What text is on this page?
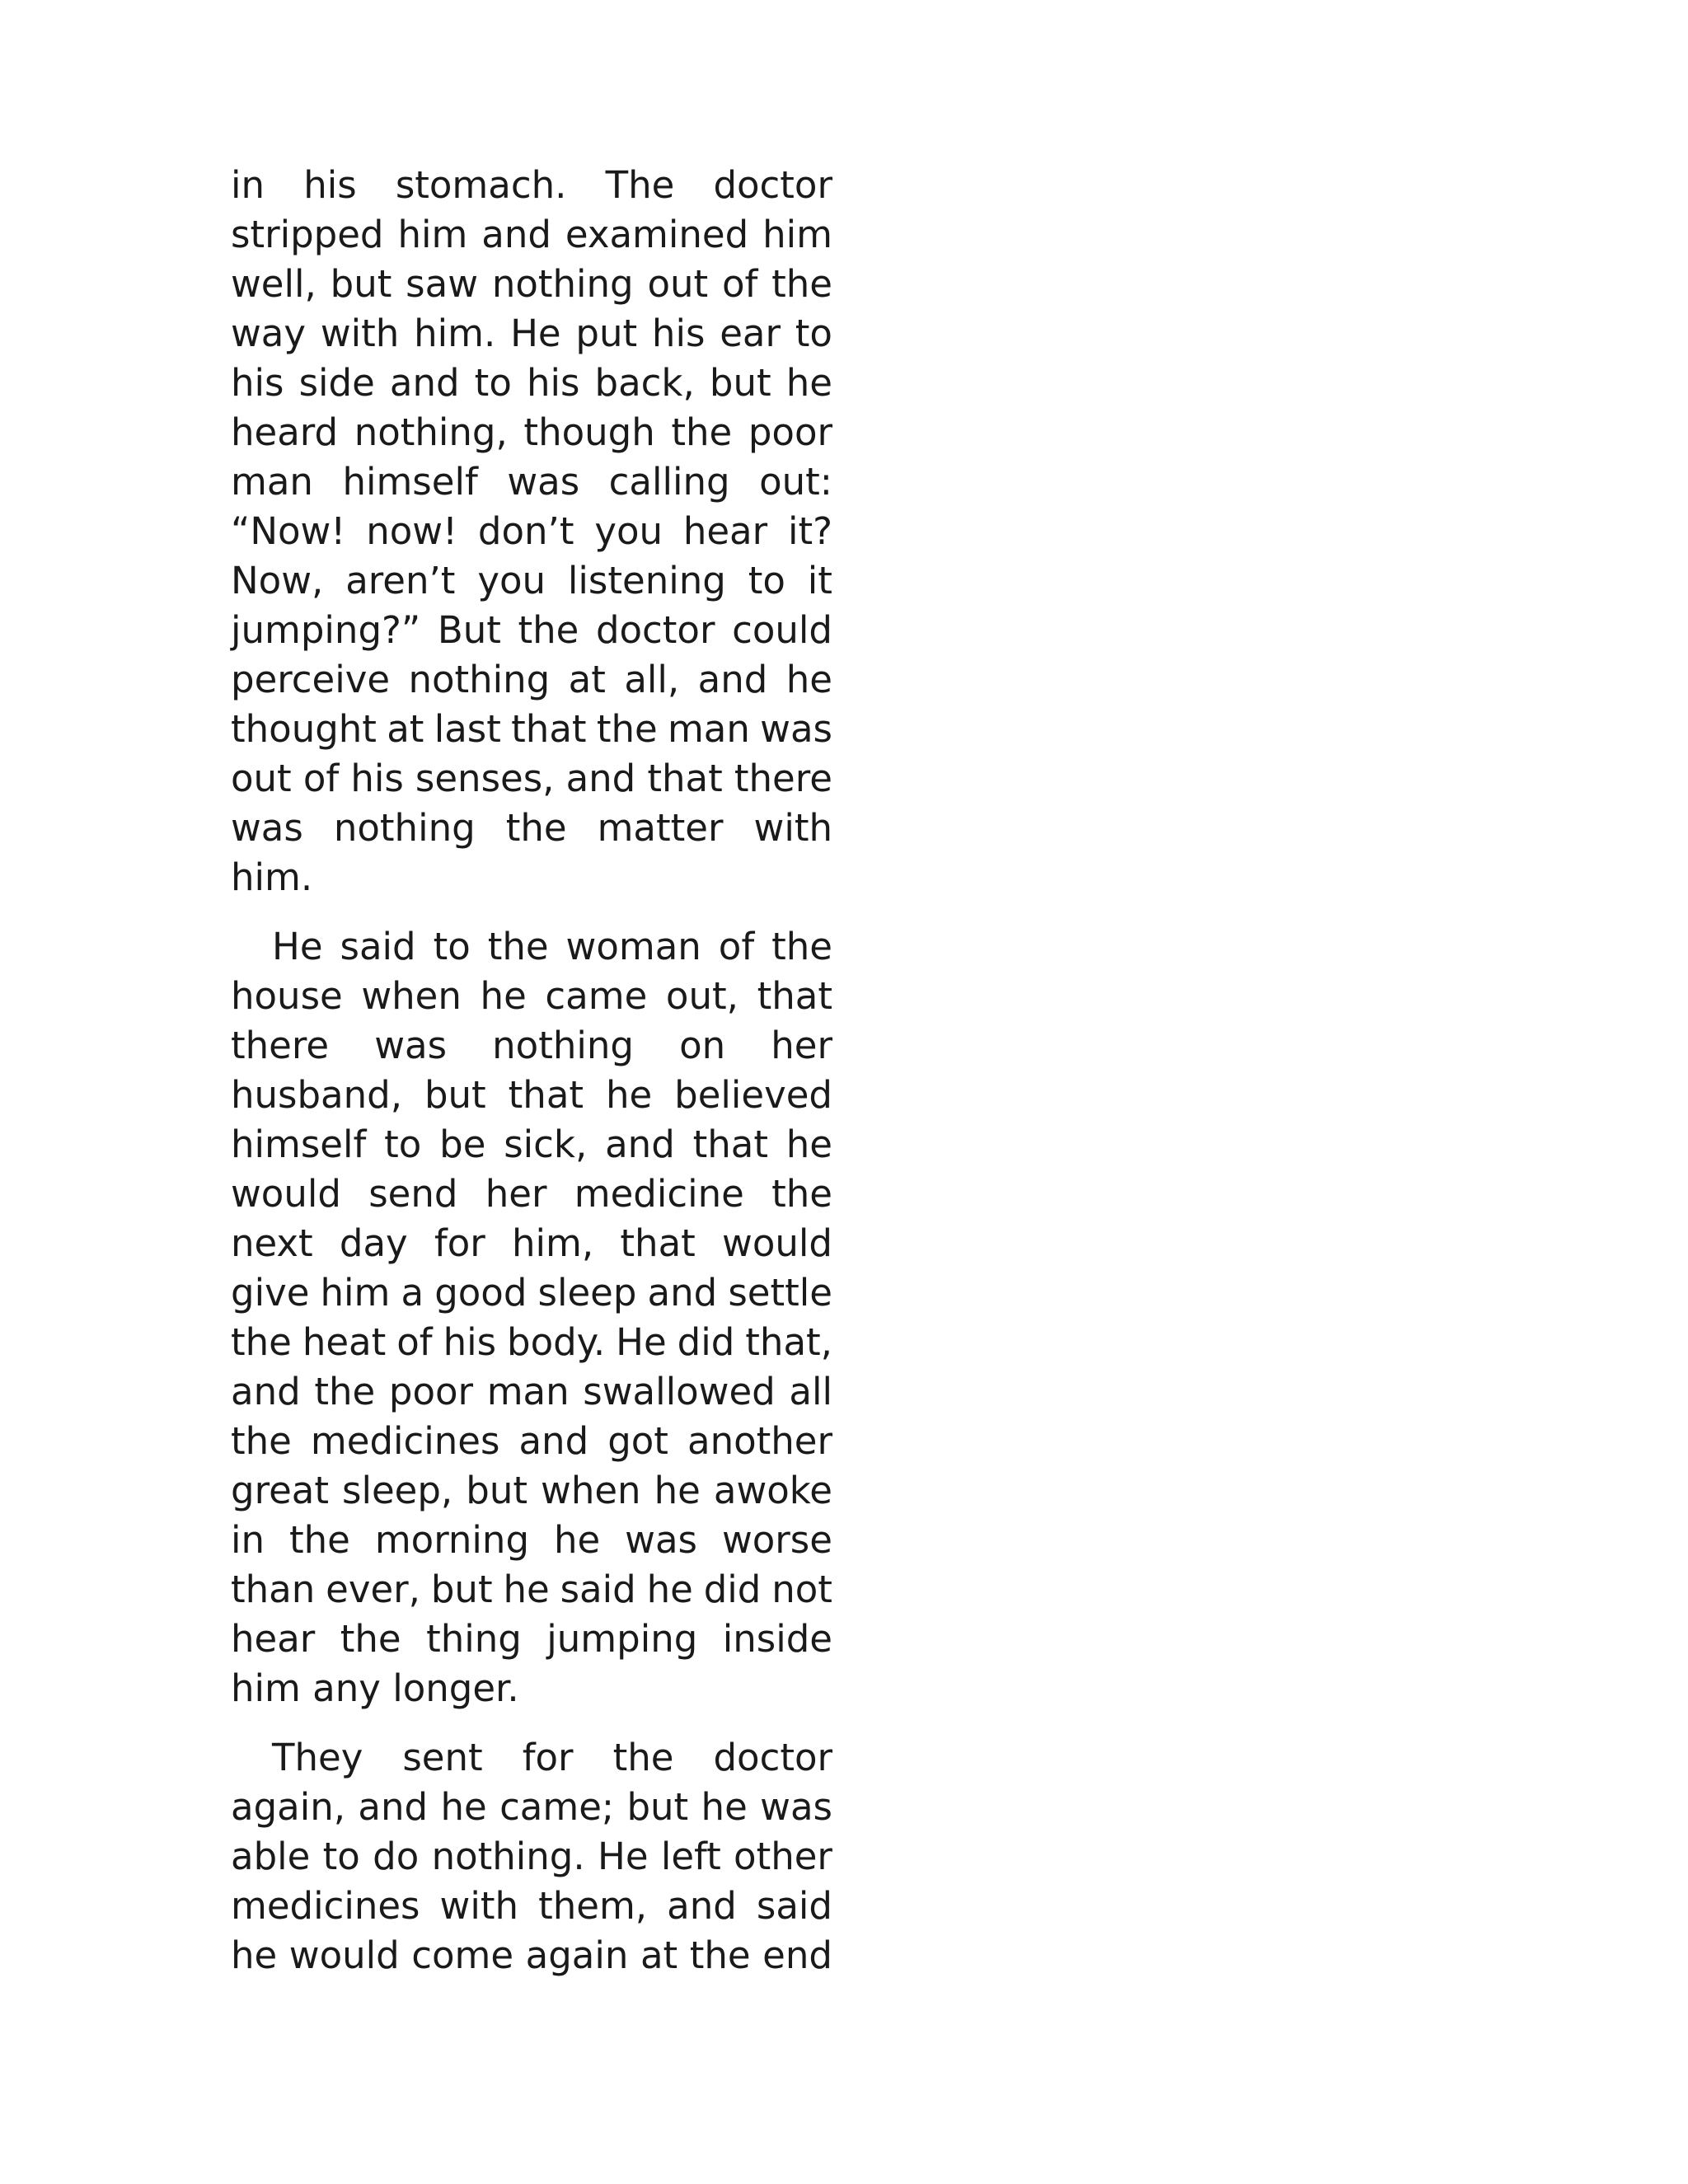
in his stomach. The doctor
stripped him and examined him
well, but saw nothing out of the
way with him. He put his ear to
his side and to his back, but he
heard nothing, though the poor
man himself was calling out:
“Now! now! don’t you hear it?
Now, aren’t you listening to it
jumping?” But the doctor could
perceive nothing at all, and he
thought at last that the man was
out of his senses, and that there
was nothing the matter with
him.

He said to the woman of the
house when he came out, that
there was nothing on her
husband, but that he believed
himself to be sick, and that he
would send her medicine the
next day for him, that would
give him a good sleep and settle
the heat of his body. He did that,
and the poor man swallowed all
the medicines and got another
great sleep, but when he awoke
in the morning he was worse
than ever, but he said he did not
hear the thing jumping inside
him any longer.

They sent for the doctor
again, and he came; but he was
able to do nothing. He left other
medicines with them, and said
he would come again at the end
